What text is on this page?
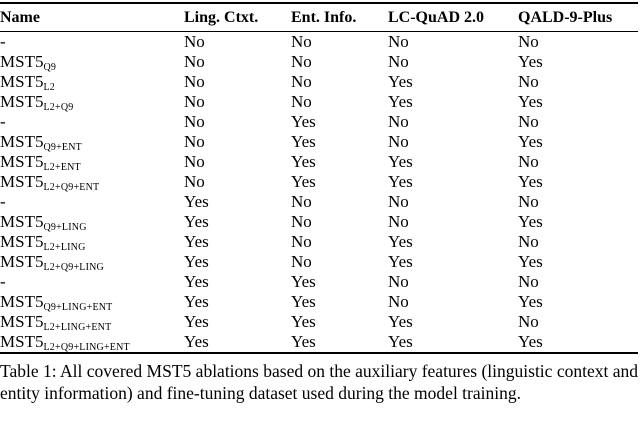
Name	Ling. Ctxt.	Ent. Info.	LC-QuAD 2.0	QALD-9-Plus
-	No	No	No	No
$MST5_{Q9}$	No	No	No	Yes
$MST5_{L2}$	No	No	Yes	No
$MST5_{L2+Q9}$	No	No	Yes	Yes
-	No	Yes	No	No
$MST5_{Q9+ENT}$	No	Yes	No	Yes
$MST5_{L2+ENT}$	No	Yes	Yes	No
$MST5_{L2+Q9+ENT}$	No	Yes	Yes	Yes
-	Yes	No	No	No
$MST5_{Q9+LING}$	Yes	No	No	Yes
$MST5_{L2+LING}$	Yes	No	Yes	No
$MST5_{L2+Q9+LING}$	Yes	No	Yes	Yes
-	Yes	Yes	No	No
$MST5_{Q9+LING+ENT}$	Yes	Yes	No	Yes
$MST5_{L2+LING+ENT}$	Yes	Yes	Yes	No
$MST5_{L2+Q9+LING+ENT}$	Yes	Yes	Yes	Yes
Table 1: All covered MST5 ablations based on the auxiliary features (linguistic context and entity information) and fine-tuning dataset used during the model training.
